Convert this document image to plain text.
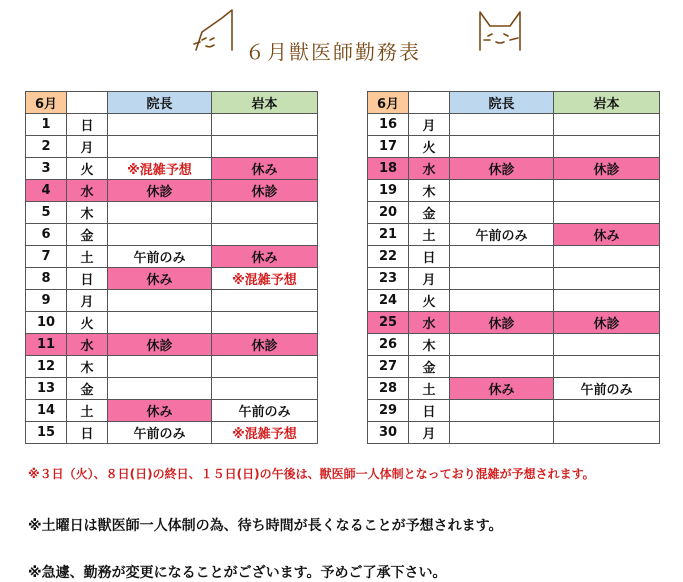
６月獣医師勤務表
6月		院長	岩本
1	日		
2	月		
3	火	※混雑予想	休み
4	水	休診	休診
5	木		
6	金		
7	土	午前のみ	休み
8	日	休み	※混雑予想
9	月		
10	火		
11	水	休診	休診
12	木		
13	金		
14	土	休み	午前のみ
15	日	午前のみ	※混雑予想
6月		院長	岩本
16	月		
17	火		
18	水	休診	休診
19	木		
20	金		
21	土	午前のみ	休み
22	日		
23	月		
24	火		
25	水	休診	休診
26	木		
27	金		
28	土	休み	午前のみ
29	日		
30	月		
※３日（火）、８日(日)の終日、１５日(日)の午後は、獣医師一人体制となっており混雑が予想されます。
※土曜日は獣医師一人体制の為、待ち時間が長くなることが予想されます。
※急遽、勤務が変更になることがございます。予めご了承下さい。
